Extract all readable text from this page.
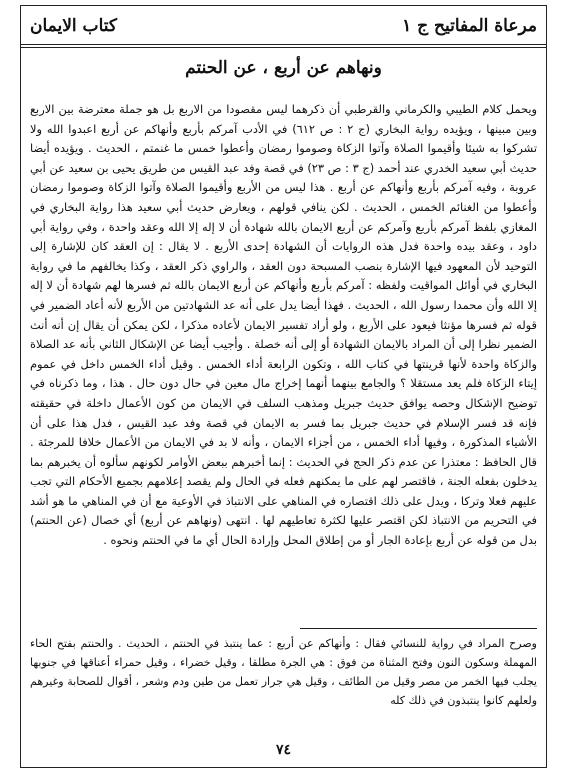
مرعاة المفاتيح ج ١
كتاب الايمان
ونهاهم عن أربع ، عن الحنتم

ويحمل كلام الطيبي والكرماني والقرطبي أن ذكرهما ليس مقصودا من الاربع بل هو جملة معترضة بين الاربع وبين مبينها ، ويؤيده رواية البخاري (ج ٢ : ص ٦١٢) في الأدب آمركم بأربع وأنهاكم عن أربع اعبدوا الله ولا تشركوا به شيئا وأقيموا الصلاة وآتوا الزكاة وصوموا رمضان وأعطوا خمس ما غنمتم ، الحديث . ويؤيده أيضا حديث أبي سعيد الخدري عند أحمد (ج ٣ : ص ٢٣) في قصة وفد عبد القيس من طريق يحيى بن سعيد عن أبي عروبة ، وفيه آمركم بأربع وأنهاكم عن أربع . هذا ليس من الأربع وأقيموا الصلاة وآتوا الزكاة وصوموا رمضان وأعطوا من الغنائم الخمس ، الحديث . لكن ينافي قولهم ، ويعارض حديث أبي سعيد هذا رواية البخاري في المغازي بلفظ آمركم بأربع وآمركم عن أربع الايمان بالله شهادة أن لا إله إلا الله وعقد واحدة ، وفي رواية أبي داود ، وعقد بيده واحدة فدل هذه الروايات أن الشهادة إحدى الأربع . لا يقال : إن العقد كان للإشارة إلى التوحيد لأن المعهود فيها الإشارة بنصب المسبحة دون العقد ، والراوي ذكر العقد ، وكذا يخالفهم ما في رواية البخاري في أوائل المواقيت ولفظه : آمركم بأربع وأنهاكم عن أربع الايمان بالله ثم فسرها لهم شهادة أن لا إله إلا الله وأن محمدا رسول الله ، الحديث . فهذا أيضا يدل على أنه عد الشهادتين من الأربع لأنه أعاد الضمير في قوله ثم فسرها مؤنثا فيعود على الأربع ، ولو أراد تفسير الايمان لأعاده مذكرا ، لكن يمكن أن يقال إن أنه أنث الضمير نظرا إلى أن المراد بالايمان الشهادة أو إلى أنه خصلة . وأجيب أيضا عن الإشكال الثاني بأنه عد الصلاة والزكاة واحدة لأنها قرينتها في كتاب الله ، وتكون الرابعة أداء الخمس . وقيل أداء الخمس داخل في عموم إيتاء الزكاة فلم يعد مستقلا ؟ والجامع بينهما أنهما إخراج مال معين في حال دون حال . هذا ، وما ذكرناه في توضيح الإشكال وحصه يوافق حديث جبريل ومذهب السلف في الايمان من كون الأعمال داخلة في حقيقته فإنه قد فسر الإسلام في حديث جبريل بما فسر به الايمان في قصة وفد عبد القيس ، فدل هذا على أن الأشياء المذكورة ، وفيها أداء الخمس ، من أجزاء الايمان ، وأنه لا بد في الايمان من الأعمال خلافا للمرجئة . قال الحافظ : معتذرا عن عدم ذكر الحج في الحديث : إنما أخبرهم ببعض الأوامر لكونهم سألوه أن يخبرهم بما يدخلون بفعله الجنة ، فاقتصر لهم على ما يمكنهم فعله في الحال ولم يقصد إعلامهم بجميع الأحكام التي تجب عليهم فعلا وتركا ، ويدل على ذلك اقتصاره في المناهي على الانتباذ في الأوعية مع أن في المناهي ما هو أشد في التحريم من الانتباذ لكن اقتصر عليها لكثرة تعاطيهم لها . انتهى (ونهاهم عن أربع) أي خصال (عن الحنتم) بدل من قوله عن أربع بإعادة الجار أو من إطلاق المحل وإرادة الحال أي ما في الحنتم ونحوه .

وصرح المراد في رواية للنسائي فقال : وأنهاكم عن أربع : عما ينتبذ في الحنتم ، الحديث . والحنتم بفتح الحاء المهملة وسكون النون وفتح المثناة من فوق : هي الجرة مطلقا ، وقيل خضراء ، وقيل حمراء أعناقها في جنوبها يجلب فيها الخمر من مصر وقيل من الطائف ، وقيل هي جرار تعمل من طين ودم وشعر ، أقوال للصحابة وغيرهم ولعلهم كانوا ينتبذون في ذلك كله
٧٤
